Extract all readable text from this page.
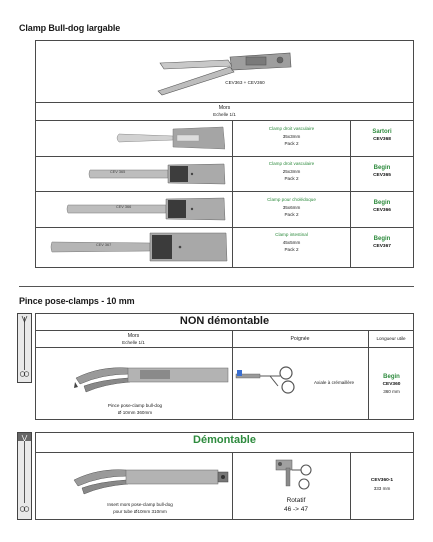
Clamp Bull-dog largable
CEV363 + CEV360
Mors
Echelle 1/1
Clamp droit vasculaire
35x3mm
Pack 2
Sartori
CEV368
CEV 365
Clamp droit vasculaire
25x3mm
Pack 2
Begin
CEV365
CEV 366
Clamp pour cholédoque
35x6mm
Pack 2
Begin
CEV366
CEV 367
Clamp intestinal
45x5mm
Pack 2
Begin
CEV367
Pince pose-clamps - 10 mm
NON démontable
Mors
Echelle 1/1
Poignée	Longueur utile
Pince pose-clamp bull-dog
Ø 10mm 360mm
Axiale à crémaillère
Begin
CEV360
360 mm
Démontable
Insert mors pose-clamp bull-dog
pour tube Ø10mm 310mm
Rotatif
46 -> 47
CEV360-1
333 mm
